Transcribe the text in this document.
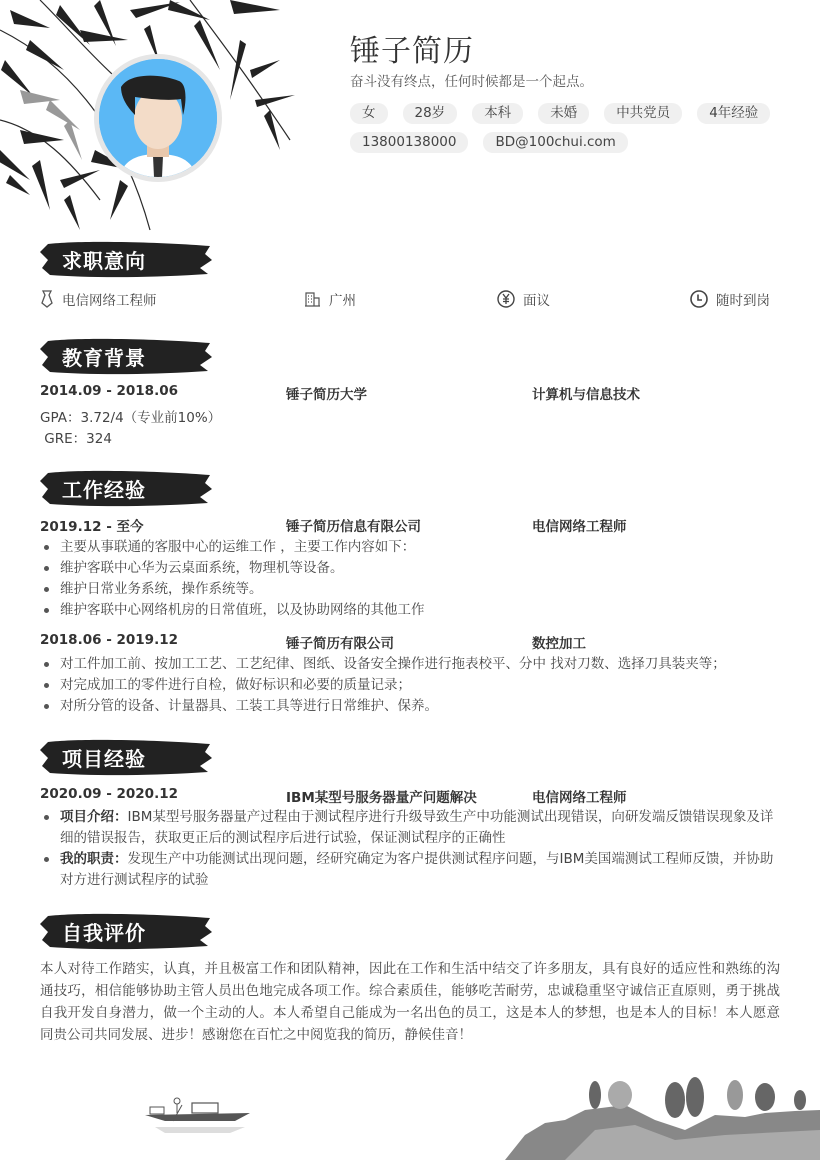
锤子简历
奋斗没有终点，任何时候都是一个起点。
女	28岁	本科	未婚	中共党员	4年经验
13800138000	BD@100chui.com
求职意向
电信网络工程师	广州	面议	随时到岗
教育背景
2014.09 - 2018.06	锤子简历大学	计算机与信息技术
GPA：3.72/4（专业前10%）
GRE：324
工作经验
2019.12 - 至今	锤子简历信息有限公司	电信网络工程师
主要从事联通的客服中心的运维工作 ，主要工作内容如下：
维护客联中心华为云桌面系统，物理机等设备。
维护日常业务系统，操作系统等。
维护客联中心网络机房的日常值班，以及协助网络的其他工作
2018.06 - 2019.12	锤子简历有限公司	数控加工
对工件加工前、按加工工艺、工艺纪律、图纸、设备安全操作进行拖表校平、分中 找对刀数、选择刀具装夹等；
对完成加工的零件进行自检，做好标识和必要的质量记录；
对所分管的设备、计量器具、工装工具等进行日常维护、保养。
项目经验
2020.09 - 2020.12	IBM某型号服务器量产问题解决	电信网络工程师
项目介绍：IBM某型号服务器量产过程由于测试程序进行升级导致生产中功能测试出现错误，向研发端反馈错误现象及详细的错误报告，获取更正后的测试程序后进行试验，保证测试程序的正确性
我的职责：发现生产中功能测试出现问题，经研究确定为客户提供测试程序问题，与IBM美国端测试工程师反馈，并协助对方进行测试程序的试验
自我评价
本人对待工作踏实，认真，并且极富工作和团队精神，因此在工作和生活中结交了许多朋友，具有良好的适应性和熟练的沟通技巧，相信能够协助主管人员出色地完成各项工作。综合素质佳，能够吃苦耐劳，忠诚稳重坚守诚信正直原则，勇于挑战自我开发自身潜力，做一个主动的人。本人希望自己能成为一名出色的员工，这是本人的梦想，也是本人的目标！本人愿意同贵公司共同发展、进步！感谢您在百忙之中阅览我的简历，静候佳音！
